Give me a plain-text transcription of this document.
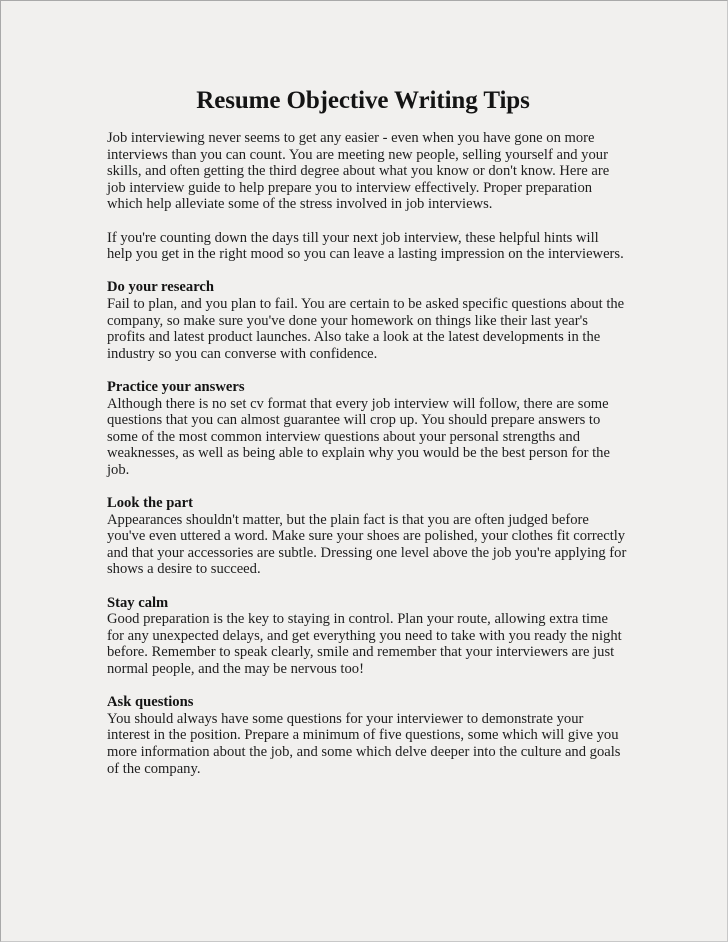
Resume Objective Writing Tips

Job interviewing never seems to get any easier - even when you have gone on more interviews than you can count. You are meeting new people, selling yourself and your skills, and often getting the third degree about what you know or don't know. Here are job interview guide to help prepare you to interview effectively. Proper preparation which help alleviate some of the stress involved in job interviews.

If you're counting down the days till your next job interview, these helpful hints will help you get in the right mood so you can leave a lasting impression on the interviewers.

Do your research

Fail to plan, and you plan to fail. You are certain to be asked specific questions about the company, so make sure you've done your homework on things like their last year's profits and latest product launches. Also take a look at the latest developments in the industry so you can converse with confidence.

Practice your answers

Although there is no set cv format that every job interview will follow, there are some questions that you can almost guarantee will crop up. You should prepare answers to some of the most common interview questions about your personal strengths and weaknesses, as well as being able to explain why you would be the best person for the job.

Look the part

Appearances shouldn't matter, but the plain fact is that you are often judged before you've even uttered a word. Make sure your shoes are polished, your clothes fit correctly and that your accessories are subtle. Dressing one level above the job you're applying for shows a desire to succeed.

Stay calm

Good preparation is the key to staying in control. Plan your route, allowing extra time for any unexpected delays, and get everything you need to take with you ready the night before. Remember to speak clearly, smile and remember that your interviewers are just normal people, and the may be nervous too!

Ask questions

You should always have some questions for your interviewer to demonstrate your interest in the position. Prepare a minimum of five questions, some which will give you more information about the job, and some which delve deeper into the culture and goals of the company.
